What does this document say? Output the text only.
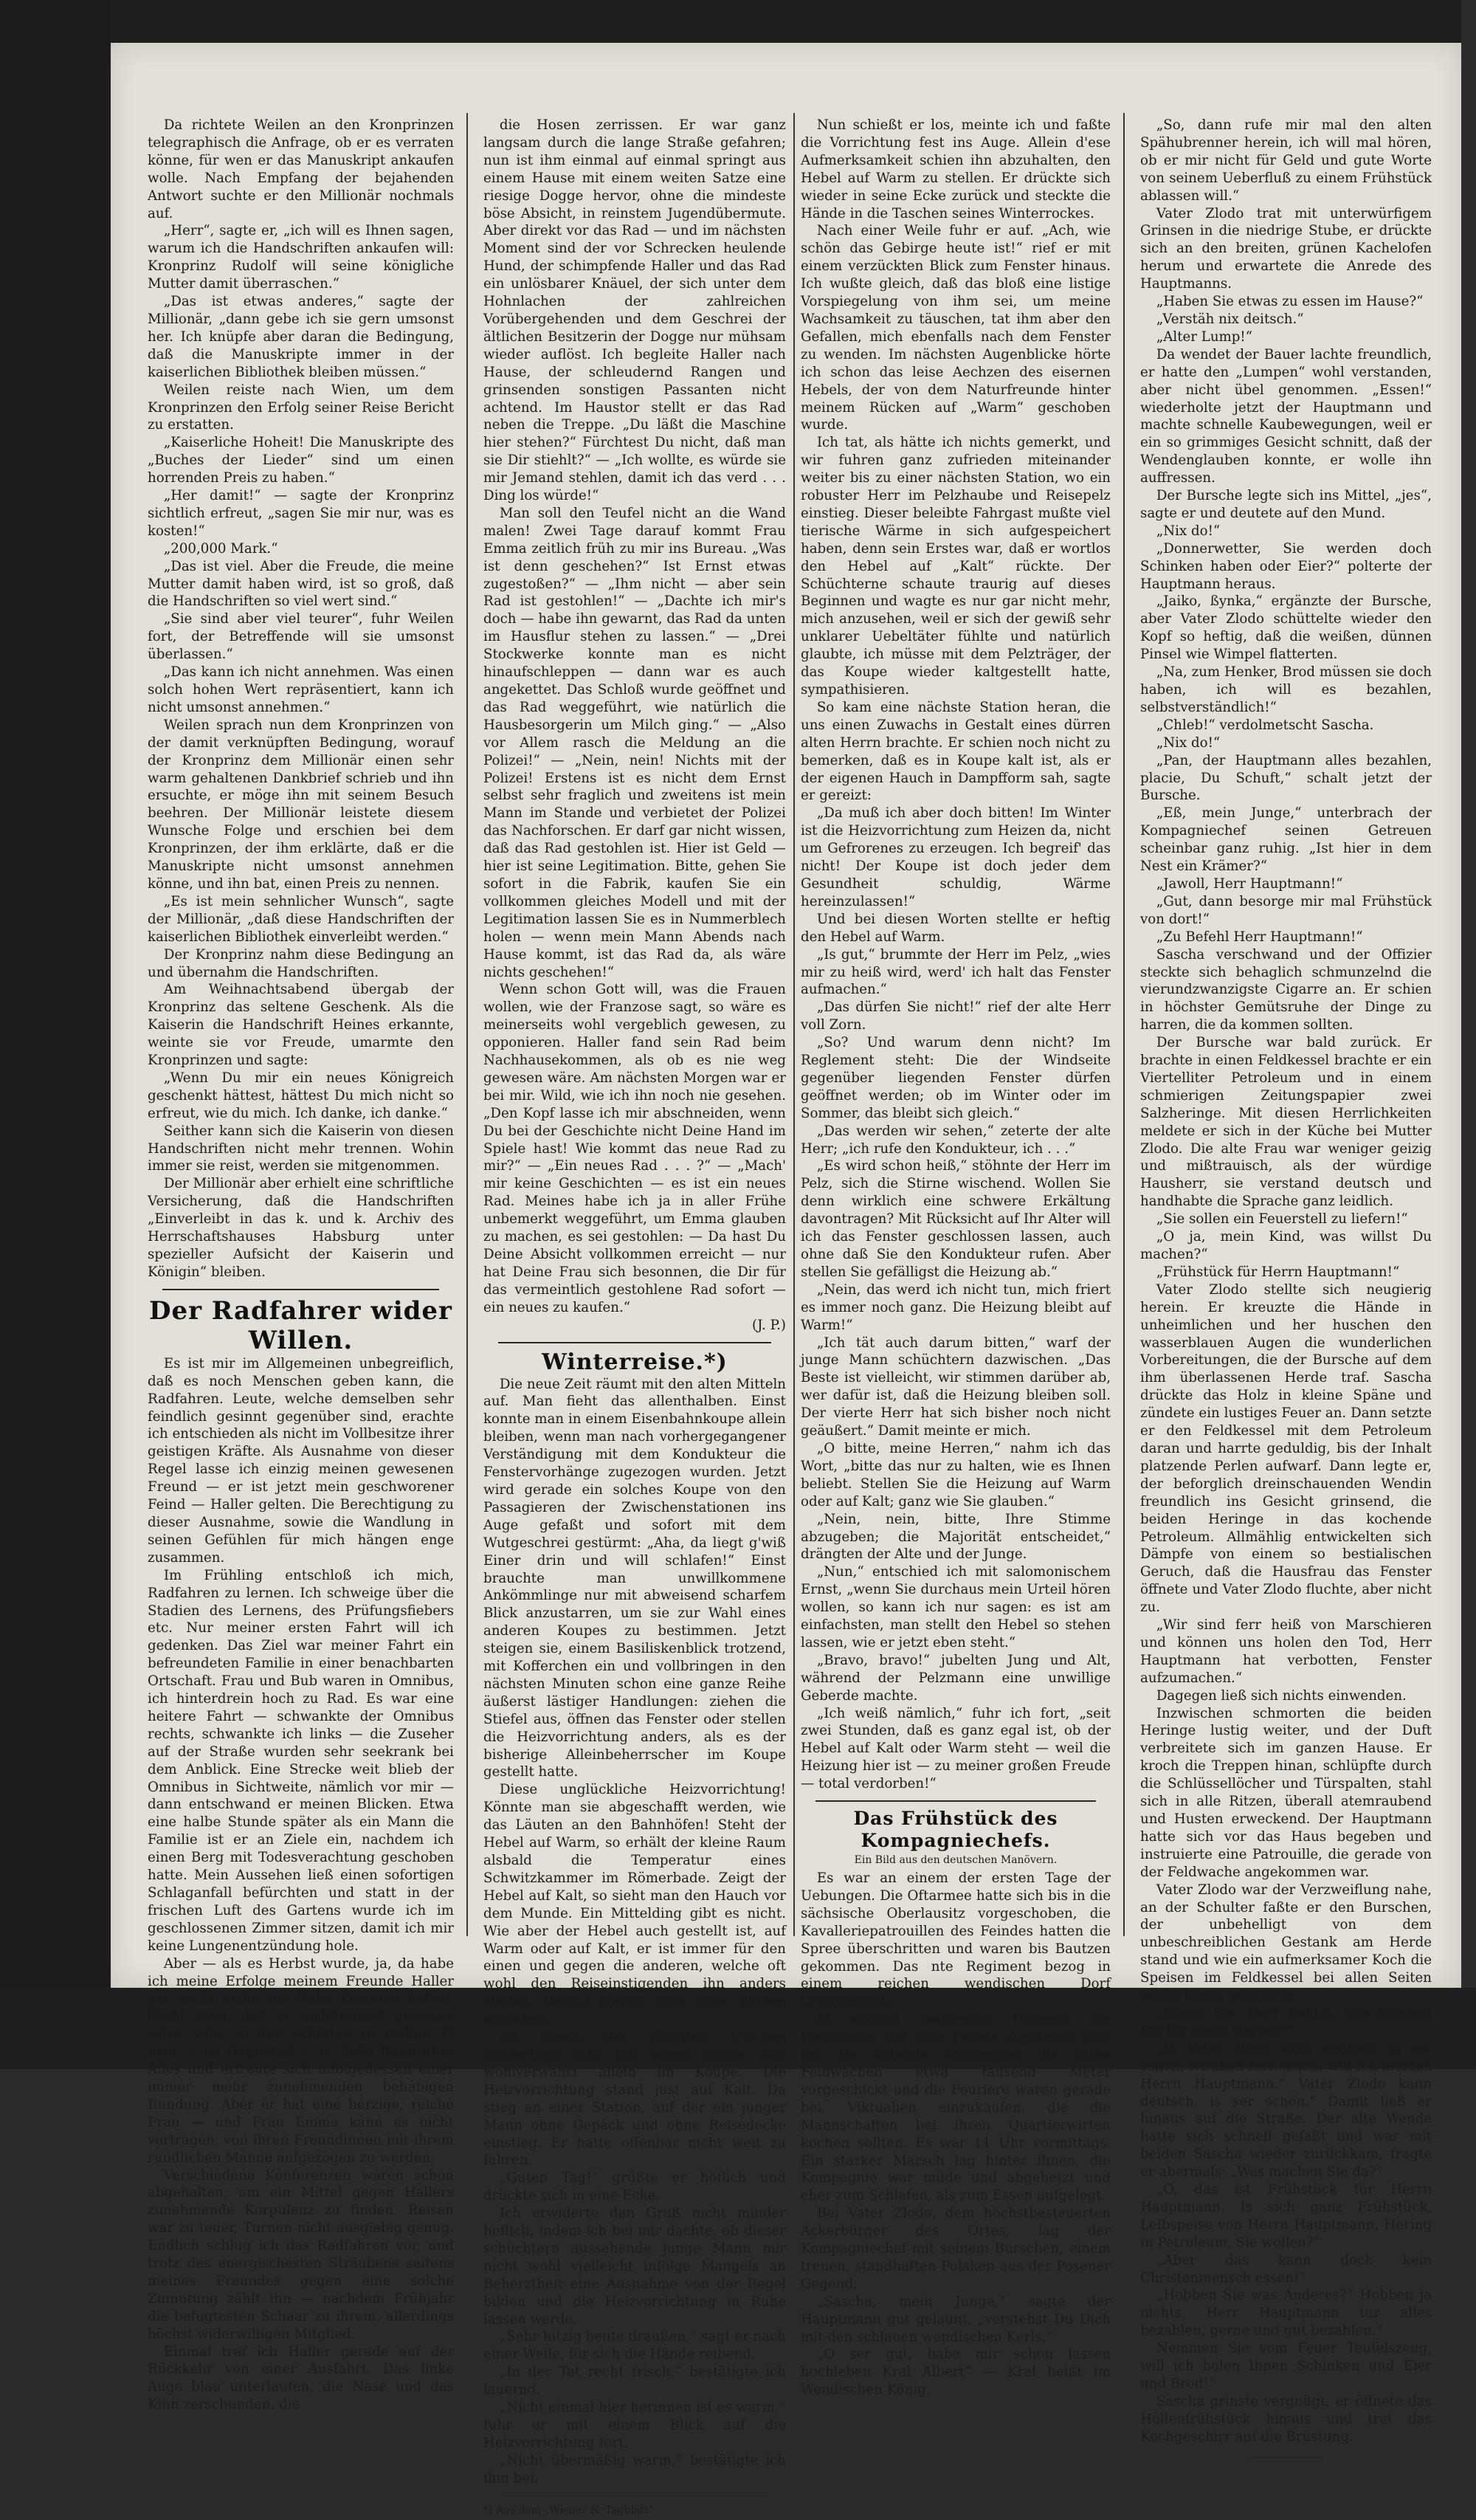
Da richtete Weilen an den Kronprinzen telegraphisch die Anfrage, ob er es verraten könne, für wen er das Manuskript ankaufen wolle. Nach Empfang der bejahenden Antwort suchte er den Millionär nochmals auf.

„Herr“, sagte er, „ich will es Ihnen sagen, warum ich die Handschriften ankaufen will: Kronprinz Rudolf will seine königliche Mutter damit überraschen.“

„Das ist etwas anderes,“ sagte der Millionär, „dann gebe ich sie gern umsonst her. Ich knüpfe aber daran die Bedingung, daß die Manuskripte immer in der kaiserlichen Bibliothek bleiben müssen.“

Weilen reiste nach Wien, um dem Kronprinzen den Erfolg seiner Reise Bericht zu erstatten.

„Kaiserliche Hoheit! Die Manuskripte des „Buches der Lieder“ sind um einen horrenden Preis zu haben.“

„Her damit!“ — sagte der Kronprinz sichtlich erfreut, „sagen Sie mir nur, was es kosten!“

„200,000 Mark.“

„Das ist viel. Aber die Freude, die meine Mutter damit haben wird, ist so groß, daß die Handschriften so viel wert sind.“

„Sie sind aber viel teurer“, fuhr Weilen fort, der Betreffende will sie umsonst überlassen.“

„Das kann ich nicht annehmen. Was einen solch hohen Wert repräsentiert, kann ich nicht umsonst annehmen.“

Weilen sprach nun dem Kronprinzen von der damit verknüpften Bedingung, worauf der Kronprinz dem Millionär einen sehr warm gehaltenen Dankbrief schrieb und ihn ersuchte, er möge ihn mit seinem Besuch beehren. Der Millionär leistete diesem Wunsche Folge und erschien bei dem Kronprinzen, der ihm erklärte, daß er die Manuskripte nicht umsonst annehmen könne, und ihn bat, einen Preis zu nennen.

„Es ist mein sehnlicher Wunsch“, sagte der Millionär, „daß diese Handschriften der kaiserlichen Bibliothek einverleibt werden.“

Der Kronprinz nahm diese Bedingung an und übernahm die Handschriften.

Am Weihnachtsabend übergab der Kronprinz das seltene Geschenk. Als die Kaiserin die Handschrift Heines erkannte, weinte sie vor Freude, umarmte den Kronprinzen und sagte:

„Wenn Du mir ein neues Königreich geschenkt hättest, hättest Du mich nicht so erfreut, wie du mich. Ich danke, ich danke.“

Seither kann sich die Kaiserin von diesen Handschriften nicht mehr trennen. Wohin immer sie reist, werden sie mitgenommen.

Der Millionär aber erhielt eine schriftliche Versicherung, daß die Handschriften „Einverleibt in das k. und k. Archiv des Herrschaftshauses Habsburg unter spezieller Aufsicht der Kaiserin und Königin“ bleiben.

Der Radfahrer wider Willen.

Es ist mir im Allgemeinen unbegreiflich, daß es noch Menschen geben kann, die Radfahren. Leute, welche demselben sehr feindlich gesinnt gegenüber sind, erachte ich entschieden als nicht im Vollbesitze ihrer geistigen Kräfte. Als Ausnahme von dieser Regel lasse ich einzig meinen gewesenen Freund — er ist jetzt mein geschworener Feind — Haller gelten. Die Berechtigung zu dieser Ausnahme, sowie die Wandlung in seinen Gefühlen für mich hängen enge zusammen.

Im Frühling entschloß ich mich, Radfahren zu lernen. Ich schweige über die Stadien des Lernens, des Prüfungsfiebers etc. Nur meiner ersten Fahrt will ich gedenken. Das Ziel war meiner Fahrt ein befreundeten Familie in einer benachbarten Ortschaft. Frau und Bub waren in Omnibus, ich hinterdrein hoch zu Rad. Es war eine heitere Fahrt — schwankte der Omnibus rechts, schwankte ich links — die Zuseher auf der Straße wurden sehr seekrank bei dem Anblick. Eine Strecke weit blieb der Omnibus in Sichtweite, nämlich vor mir — dann entschwand er meinen Blicken. Etwa eine halbe Stunde später als ein Mann die Familie ist er an Ziele ein, nachdem ich einen Berg mit Todesverachtung geschoben hatte. Mein Aussehen ließ einen sofortigen Schlaganfall befürchten und statt in der frischen Luft des Gartens wurde ich im geschlossenen Zimmer sitzen, damit ich mir keine Lungenentzündung hole.

Aber — als es Herbst wurde, ja, da habe ich meine Erfolge meinem Freunde Haller gar nicht mehr zur Ruhe kommen ließen. Nicht etwa, daß er ambitioniert gewesen wäre, wild, in den Schatten zu stellen. O nein — im Gegenteil — er ließe Ruhe über Alles und erfreute sich infolgedessen einer immer mehr zunehmenden behäbigen Rundung. Aber er hat eine herzige, reiche Frau — und Frau Emma kann es nicht vertragen, von ihren Freundinnen mit ihrem rundlichen Manne aufgezogen zu werden.

Verschiedene Konferenzen waren schon abgehalten, um ein Mittel gegen Hallers zunehmende Korpulenz zu finden. Reisen war zu teuer, Turnen nicht ausgiebig genug. Endlich schlug ich das Radfahren vor, und trotz des energischesten Sträubens seitens meines Freundes gegen eine solche Zumutung zählt ihn — nachdem Frühjahr die befugtesten Schaar zu ihrem, allerdings höchst widerwilligen Mitglied.

Einmal traf ich Haller gerade auf der Rückkehr von einer Ausfahrt. Das linke Auge blau unterlaufen, die Nase und das Kinn zerschunden, die

die Hosen zerrissen. Er war ganz langsam durch die lange Straße gefahren; nun ist ihm einmal auf einmal springt aus einem Hause mit einem weiten Satze eine riesige Dogge hervor, ohne die mindeste böse Absicht, in reinstem Jugendübermute. Aber direkt vor das Rad — und im nächsten Moment sind der vor Schrecken heulende Hund, der schimpfende Haller und das Rad ein unlösbarer Knäuel, der sich unter dem Hohnlachen der zahlreichen Vorübergehenden und dem Geschrei der ältlichen Besitzerin der Dogge nur mühsam wieder auflöst. Ich begleite Haller nach Hause, der schleudernd Rangen und grinsenden sonstigen Passanten nicht achtend. Im Haustor stellt er das Rad neben die Treppe. „Du läßt die Maschine hier stehen?“ Fürchtest Du nicht, daß man sie Dir stiehlt?“ — „Ich wollte, es würde sie mir Jemand stehlen, damit ich das verd . . . Ding los würde!“

Man soll den Teufel nicht an die Wand malen! Zwei Tage darauf kommt Frau Emma zeitlich früh zu mir ins Bureau. „Was ist denn geschehen?“ Ist Ernst etwas zugestoßen?“ — „Ihm nicht — aber sein Rad ist gestohlen!“ — „Dachte ich mir's doch — habe ihn gewarnt, das Rad da unten im Hausflur stehen zu lassen.“ — „Drei Stockwerke konnte man es nicht hinaufschleppen — dann war es auch angekettet. Das Schloß wurde geöffnet und das Rad weggeführt, wie natürlich die Hausbesorgerin um Milch ging.“ — „Also vor Allem rasch die Meldung an die Polizei!“ — „Nein, nein! Nichts mit der Polizei! Erstens ist es nicht dem Ernst selbst sehr fraglich und zweitens ist mein Mann im Stande und verbietet der Polizei das Nachforschen. Er darf gar nicht wissen, daß das Rad gestohlen ist. Hier ist Geld — hier ist seine Legitimation. Bitte, gehen Sie sofort in die Fabrik, kaufen Sie ein vollkommen gleiches Modell und mit der Legitimation lassen Sie es in Nummerblech holen — wenn mein Mann Abends nach Hause kommt, ist das Rad da, als wäre nichts geschehen!“

Wenn schon Gott will, was die Frauen wollen, wie der Franzose sagt, so wäre es meinerseits wohl vergeblich gewesen, zu opponieren. Haller fand sein Rad beim Nachhausekommen, als ob es nie weg gewesen wäre. Am nächsten Morgen war er bei mir. Wild, wie ich ihn noch nie gesehen. „Den Kopf lasse ich mir abschneiden, wenn Du bei der Geschichte nicht Deine Hand im Spiele hast! Wie kommt das neue Rad zu mir?“ — „Ein neues Rad . . . ?“ — „Mach' mir keine Geschichten — es ist ein neues Rad. Meines habe ich ja in aller Frühe unbemerkt weggeführt, um Emma glauben zu machen, es sei gestohlen: — Da hast Du Deine Absicht vollkommen erreicht — nur hat Deine Frau sich besonnen, die Dir für das vermeintlich gestohlene Rad sofort — ein neues zu kaufen.“

(J. P.)

Winterreise.*)

Die neue Zeit räumt mit den alten Mitteln auf. Man fieht das allenthalben. Einst konnte man in einem Eisenbahnkoupe allein bleiben, wenn man nach vorhergegangener Verständigung mit dem Kondukteur die Fenstervorhänge zugezogen wurden. Jetzt wird gerade ein solches Koupe von den Passagieren der Zwischenstationen ins Auge gefaßt und sofort mit dem Wutgeschrei gestürmt: „Aha, da liegt g'wiß Einer drin und will schlafen!“ Einst brauchte man unwillkommene Ankömmlinge nur mit abweisend scharfem Blick anzustarren, um sie zur Wahl eines anderen Koupes zu bestimmen. Jetzt steigen sie, einem Basiliskenblick trotzend, mit Kofferchen ein und vollbringen in den nächsten Minuten schon eine ganze Reihe äußerst lästiger Handlungen: ziehen die Stiefel aus, öffnen das Fenster oder stellen die Heizvorrichtung anders, als es der bisherige Alleinbeherrscher im Koupe gestellt hatte.

Diese unglückliche Heizvorrichtung! Könnte man sie abgeschafft werden, wie das Läuten an den Bahnhöfen! Steht der Hebel auf Warm, so erhält der kleine Raum alsbald die Temperatur eines Schwitzkammer im Römerbade. Zeigt der Hebel auf Kalt, so sieht man den Hauch vor dem Munde. Ein Mittelding gibt es nicht. Wie aber der Hebel auch gestellt ist, auf Warm oder auf Kalt, er ist immer für den einen und gegen die anderen, welche oft wohl den Reiseinstigenden ihn anders stellen. Darauf könnte man hohe Wetten eingehen.

An einem der jüngsten frischen Wintertage fuhr ich schon einige Zeit wohlverwahrt allein im Koupe. Die Heizvorrichtung stand just auf Kalt. Da stieg an einer Station, auf der ein junger Mann ohne Gepäck und ohne Reisedecke einstieg. Er hatte offenbar nicht weit zu fahren.

„Guten Tag!“ grüßte er höflich und drückte sich in eine Ecke.

Ich erwiderte den Gruß nicht minder höflich, indem ich bei mir dachte, ob dieser schüchtern aussehende junge Mann mir nicht wohl vielleicht infolge Mangels an Beherztheit eine Ausnahme von der Regel bilden und die Heizvorrichtung in Ruhe lassen werde.

„Sehr hitzig heute draußen,“ sagt er nach einer Weile, für sich die Hände reibend.

„In der Tat recht frisch,“ bestätigte ich lauernd.

„Nicht einmal hier herinnen ist es warm,“ fuhr er mit einem Blick auf die Heizvorrichtung fort.

„Nicht übermäßig warm,“ bestätigte ich ihm bei.

*) Aus dem „Wiener N. Tagblatt“.

Nun schießt er los, meinte ich und faßte die Vorrichtung fest ins Auge. Allein d'ese Aufmerksamkeit schien ihn abzuhalten, den Hebel auf Warm zu stellen. Er drückte sich wieder in seine Ecke zurück und steckte die Hände in die Taschen seines Winterrockes.

Nach einer Weile fuhr er auf. „Ach, wie schön das Gebirge heute ist!“ rief er mit einem verzückten Blick zum Fenster hinaus. Ich wußte gleich, daß das bloß eine listige Vorspiegelung von ihm sei, um meine Wachsamkeit zu täuschen, tat ihm aber den Gefallen, mich ebenfalls nach dem Fenster zu wenden. Im nächsten Augenblicke hörte ich schon das leise Aechzen des eisernen Hebels, der von dem Naturfreunde hinter meinem Rücken auf „Warm“ geschoben wurde.

Ich tat, als hätte ich nichts gemerkt, und wir fuhren ganz zufrieden miteinander weiter bis zu einer nächsten Station, wo ein robuster Herr im Pelzhaube und Reisepelz einstieg. Dieser beleibte Fahrgast mußte viel tierische Wärme in sich aufgespeichert haben, denn sein Erstes war, daß er wortlos den Hebel auf „Kalt“ rückte. Der Schüchterne schaute traurig auf dieses Beginnen und wagte es nur gar nicht mehr, mich anzusehen, weil er sich der gewiß sehr unklarer Uebeltäter fühlte und natürlich glaubte, ich müsse mit dem Pelzträger, der das Koupe wieder kaltgestellt hatte, sympathisieren.

So kam eine nächste Station heran, die uns einen Zuwachs in Gestalt eines dürren alten Herrn brachte. Er schien noch nicht zu bemerken, daß es in Koupe kalt ist, als er der eigenen Hauch in Dampfform sah, sagte er gereizt:

„Da muß ich aber doch bitten! Im Winter ist die Heizvorrichtung zum Heizen da, nicht um Gefrorenes zu erzeugen. Ich begreif' das nicht! Der Koupe ist doch jeder dem Gesundheit schuldig, Wärme hereinzulassen!“

Und bei diesen Worten stellte er heftig den Hebel auf Warm.

„Is gut,“ brummte der Herr im Pelz, „wies mir zu heiß wird, werd' ich halt das Fenster aufmachen.“

„Das dürfen Sie nicht!“ rief der alte Herr voll Zorn.

„So? Und warum denn nicht? Im Reglement steht: Die der Windseite gegenüber liegenden Fenster dürfen geöffnet werden; ob im Winter oder im Sommer, das bleibt sich gleich.“

„Das werden wir sehen,“ zeterte der alte Herr; „ich rufe den Kondukteur, ich . . .“

„Es wird schon heiß,“ stöhnte der Herr im Pelz, sich die Stirne wischend. Wollen Sie denn wirklich eine schwere Erkältung davontragen? Mit Rücksicht auf Ihr Alter will ich das Fenster geschlossen lassen, auch ohne daß Sie den Kondukteur rufen. Aber stellen Sie gefälligst die Heizung ab.“

„Nein, das werd ich nicht tun, mich friert es immer noch ganz. Die Heizung bleibt auf Warm!“

„Ich tät auch darum bitten,“ warf der junge Mann schüchtern dazwischen. „Das Beste ist vielleicht, wir stimmen darüber ab, wer dafür ist, daß die Heizung bleiben soll. Der vierte Herr hat sich bisher noch nicht geäußert.“ Damit meinte er mich.

„O bitte, meine Herren,“ nahm ich das Wort, „bitte das nur zu halten, wie es Ihnen beliebt. Stellen Sie die Heizung auf Warm oder auf Kalt; ganz wie Sie glauben.“

„Nein, nein, bitte, Ihre Stimme abzugeben; die Majorität entscheidet,“ drängten der Alte und der Junge.

„Nun,“ entschied ich mit salomonischem Ernst, „wenn Sie durchaus mein Urteil hören wollen, so kann ich nur sagen: es ist am einfachsten, man stellt den Hebel so stehen lassen, wie er jetzt eben steht.“

„Bravo, bravo!“ jubelten Jung und Alt, während der Pelzmann eine unwillige Geberde machte.

„Ich weiß nämlich,“ fuhr ich fort, „seit zwei Stunden, daß es ganz egal ist, ob der Hebel auf Kalt oder Warm steht — weil die Heizung hier ist — zu meiner großen Freude — total verdorben!“

Das Frühstück des Kompagniechefs.

Ein Bild aus den deutschen Manövern.

Es war an einem der ersten Tage der Uebungen. Die Oftarmee hatte sich bis in die sächsische Oberlausitz vorgeschoben, die Kavalleriepatrouillen des Feindes hatten die Spree überschritten und waren bis Bautzen gekommen. Das nte Regiment bezog in einem reichen wendischen Dorf Ortsbiwouak.

In einigen verlorenen Häusern am Westrande, der dem Feinde zugekehrt war, lag die siebente Kompagnie, die halbe Feldwachen etwa tausend Meter vorgeschickt und die Fouriere waren gerade bei, Viktualien einzukaufen, die die Mannschaften bei ihren Quartierwirten kochen sollten. Es war 11 Uhr vormittags. Ein starker Marsch lag hinter ihnen, die Kompagnie war müde und abgehetzt und eher zum Schlafen, als zum Essen aufgelegt.

Bei Vater Zlodo, dem höchstbesteuerten Ackerbürger des Ortes, lag der Kompagniechef mit seinem Burschen, einem treuen, standhaften Polaken aus der Posener Gegend.

„Sascha, mein Junge,“ sagte der Hauptmann gut gelaunt, „verstehst Du Dich mit den schlauen wendischen Kerls.“

„O ser gut, habe mir schon lassen hochleben Kral Albert“ — Kral heißt im Wendischen König.

„So, dann rufe mir mal den alten Spähubrenner herein, ich will mal hören, ob er mir nicht für Geld und gute Worte von seinem Ueberfluß zu einem Frühstück ablassen will.“

Vater Zlodo trat mit unterwürfigem Grinsen in die niedrige Stube, er drückte sich an den breiten, grünen Kachelofen herum und erwartete die Anrede des Hauptmanns.

„Haben Sie etwas zu essen im Hause?“

„Verstäh nix deitsch.“

„Alter Lump!“

Da wendet der Bauer lachte freundlich, er hatte den „Lumpen“ wohl verstanden, aber nicht übel genommen. „Essen!“ wiederholte jetzt der Hauptmann und machte schnelle Kaubewegungen, weil er ein so grimmiges Gesicht schnitt, daß der Wendenglauben konnte, er wolle ihn auffressen.

Der Bursche legte sich ins Mittel, „jes“, sagte er und deutete auf den Mund.

„Nix do!“

„Donnerwetter, Sie werden doch Schinken haben oder Eier?“ polterte der Hauptmann heraus.

„Jaiko, ßynka,“ ergänzte der Bursche, aber Vater Zlodo schüttelte wieder den Kopf so heftig, daß die weißen, dünnen Pinsel wie Wimpel flatterten.

„Na, zum Henker, Brod müssen sie doch haben, ich will es bezahlen, selbstverständlich!“

„Chleb!“ verdolmetscht Sascha.

„Nix do!“

„Pan, der Hauptmann alles bezahlen, placie, Du Schuft,“ schalt jetzt der Bursche.

„Eß, mein Junge,“ unterbrach der Kompagniechef seinen Getreuen scheinbar ganz ruhig. „Ist hier in dem Nest ein Krämer?“

„Jawoll, Herr Hauptmann!“

„Gut, dann besorge mir mal Frühstück von dort!“

„Zu Befehl Herr Hauptmann!“

Sascha verschwand und der Offizier steckte sich behaglich schmunzelnd die vierundzwanzigste Cigarre an. Er schien in höchster Gemütsruhe der Dinge zu harren, die da kommen sollten.

Der Bursche war bald zurück. Er brachte in einen Feldkessel brachte er ein Viertelliter Petroleum und in einem schmierigen Zeitungspapier zwei Salzheringe. Mit diesen Herrlichkeiten meldete er sich in der Küche bei Mutter Zlodo. Die alte Frau war weniger geizig und mißtrauisch, als der würdige Hausherr, sie verstand deutsch und handhabte die Sprache ganz leidlich.

„Sie sollen ein Feuerstell zu liefern!“

„O ja, mein Kind, was willst Du machen?“

„Frühstück für Herrn Hauptmann!“

Vater Zlodo stellte sich neugierig herein. Er kreuzte die Hände in unheimlichen und her huschen den wasserblauen Augen die wunderlichen Vorbereitungen, die der Bursche auf dem ihm überlassenen Herde traf. Sascha drückte das Holz in kleine Späne und zündete ein lustiges Feuer an. Dann setzte er den Feldkessel mit dem Petroleum daran und harrte geduldig, bis der Inhalt platzende Perlen aufwarf. Dann legte er, der beforglich dreinschauenden Wendin freundlich ins Gesicht grinsend, die beiden Heringe in das kochende Petroleum. Allmählig entwickelten sich Dämpfe von einem so bestialischen Geruch, daß die Hausfrau das Fenster öffnete und Vater Zlodo fluchte, aber nicht zu.

„Wir sind ferr heiß von Marschieren und können uns holen den Tod, Herr Hauptmann hat verbotten, Fenster aufzumachen.“

Dagegen ließ sich nichts einwenden.

Inzwischen schmorten die beiden Heringe lustig weiter, und der Duft verbreitete sich im ganzen Hause. Er kroch die Treppen hinan, schlüpfte durch die Schlüssellöcher und Türspalten, stahl sich in alle Ritzen, überall atemraubend und Husten erweckend. Der Hauptmann hatte sich vor das Haus begeben und instruierte eine Patrouille, die gerade von der Feldwache angekommen war.

Vater Zlodo war der Verzweiflung nahe, an der Schulter faßte er den Burschen, der unbehelligt von dem unbeschreiblichen Gestank am Herde stand und wie ein aufmerksamer Koch die Speisen im Feldkessel bei allen Seiten schön braun schmorte.

„Sagen Sie, Herr Soldat, was machen Sie für einen Geruch!“

„O, Vater Zlodo kann deutsch. Is ser schön, wirklich ferr schön, will ich melden Herrn Hauptmann.“ Vater Zlodo kann deutsch, is ser schön.“ Damit ließ er hinaus auf die Straße. Der alte Wende hatte sich schnell gefaßt und war mit beiden Sascha wieder zurückkam, fragte er abermals: „Was machen Sie da?“

„O, das ist Frühstück für Herrn Hauptmann. Is sich ganz Frühstück, Leibspeise von Herrn Hauptmann, Hering in Petroleum. Sie wollen?“

„Aber das kann doch kein Christenmensch essen!“

„Hobben Sie was Anderes?“ Hobben ja nichts, Herr Hauptmann tur alles bezahlen, gerne und gut bezahlen.“

Nemmen Sie vom Feuer Teufelszeug, will ich holen Ihnen Schinken und Eier und Brod!“

Sascha grinste vergnügt, er öffnete das Höllenfrühstück hinaus und trat das Kochgeschirr auf die Brüstung.
